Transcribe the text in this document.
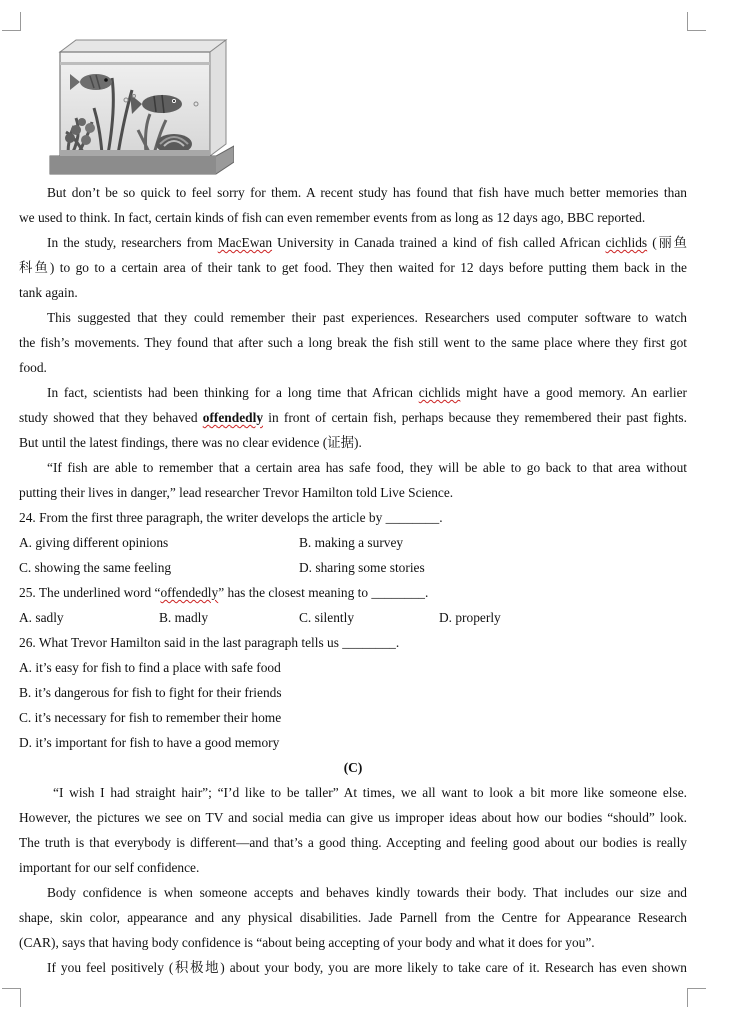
But don’t be so quick to feel sorry for them. A recent study has found that fish have much better memories than
we used to think. In fact, certain kinds of fish can even remember events from as long as 12 days ago, BBC reported.
In the study, researchers from MacEwan University in Canada trained a kind of fish called African cichlids (丽鱼
科鱼) to go to a certain area of their tank to get food. They then waited for 12 days before putting them back in the
tank again.
This suggested that they could remember their past experiences. Researchers used computer software to watch
the fish’s movements. They found that after such a long break the fish still went to the same place where they first got
food.
In fact, scientists had been thinking for a long time that African cichlids might have a good memory. An earlier
study showed that they behaved offendedly in front of certain fish, perhaps because they remembered their past fights.
But until the latest findings, there was no clear evidence (证据).
“If fish are able to remember that a certain area has safe food, they will be able to go back to that area without
putting their lives in danger,” lead researcher Trevor Hamilton told Live Science.
24. From the first three paragraph, the writer develops the article by ________.
A. giving different opinions	B. making a survey
C. showing the same feeling	D. sharing some stories
25. The underlined word “offendedly” has the closest meaning to ________.
A. sadly	B. madly	C. silently	D. properly
26. What Trevor Hamilton said in the last paragraph tells us ________.
A. it’s easy for fish to find a place with safe food
B. it’s dangerous for fish to fight for their friends
C. it’s necessary for fish to remember their home
D. it’s important for fish to have a good memory
(C)
“I wish I had straight hair”; “I’d like to be taller” At times, we all want to look a bit more like someone else.
However, the pictures we see on TV and social media can give us improper ideas about how our bodies “should” look.
The truth is that everybody is different—and that’s a good thing. Accepting and feeling good about our bodies is really
important for our self confidence.
Body confidence is when someone accepts and behaves kindly towards their body. That includes our size and
shape, skin color, appearance and any physical disabilities. Jade Parnell from the Centre for Appearance Research
(CAR), says that having body confidence is “about being accepting of your body and what it does for you”.
If you feel positively (积极地) about your body, you are more likely to take care of it. Research has even shown
